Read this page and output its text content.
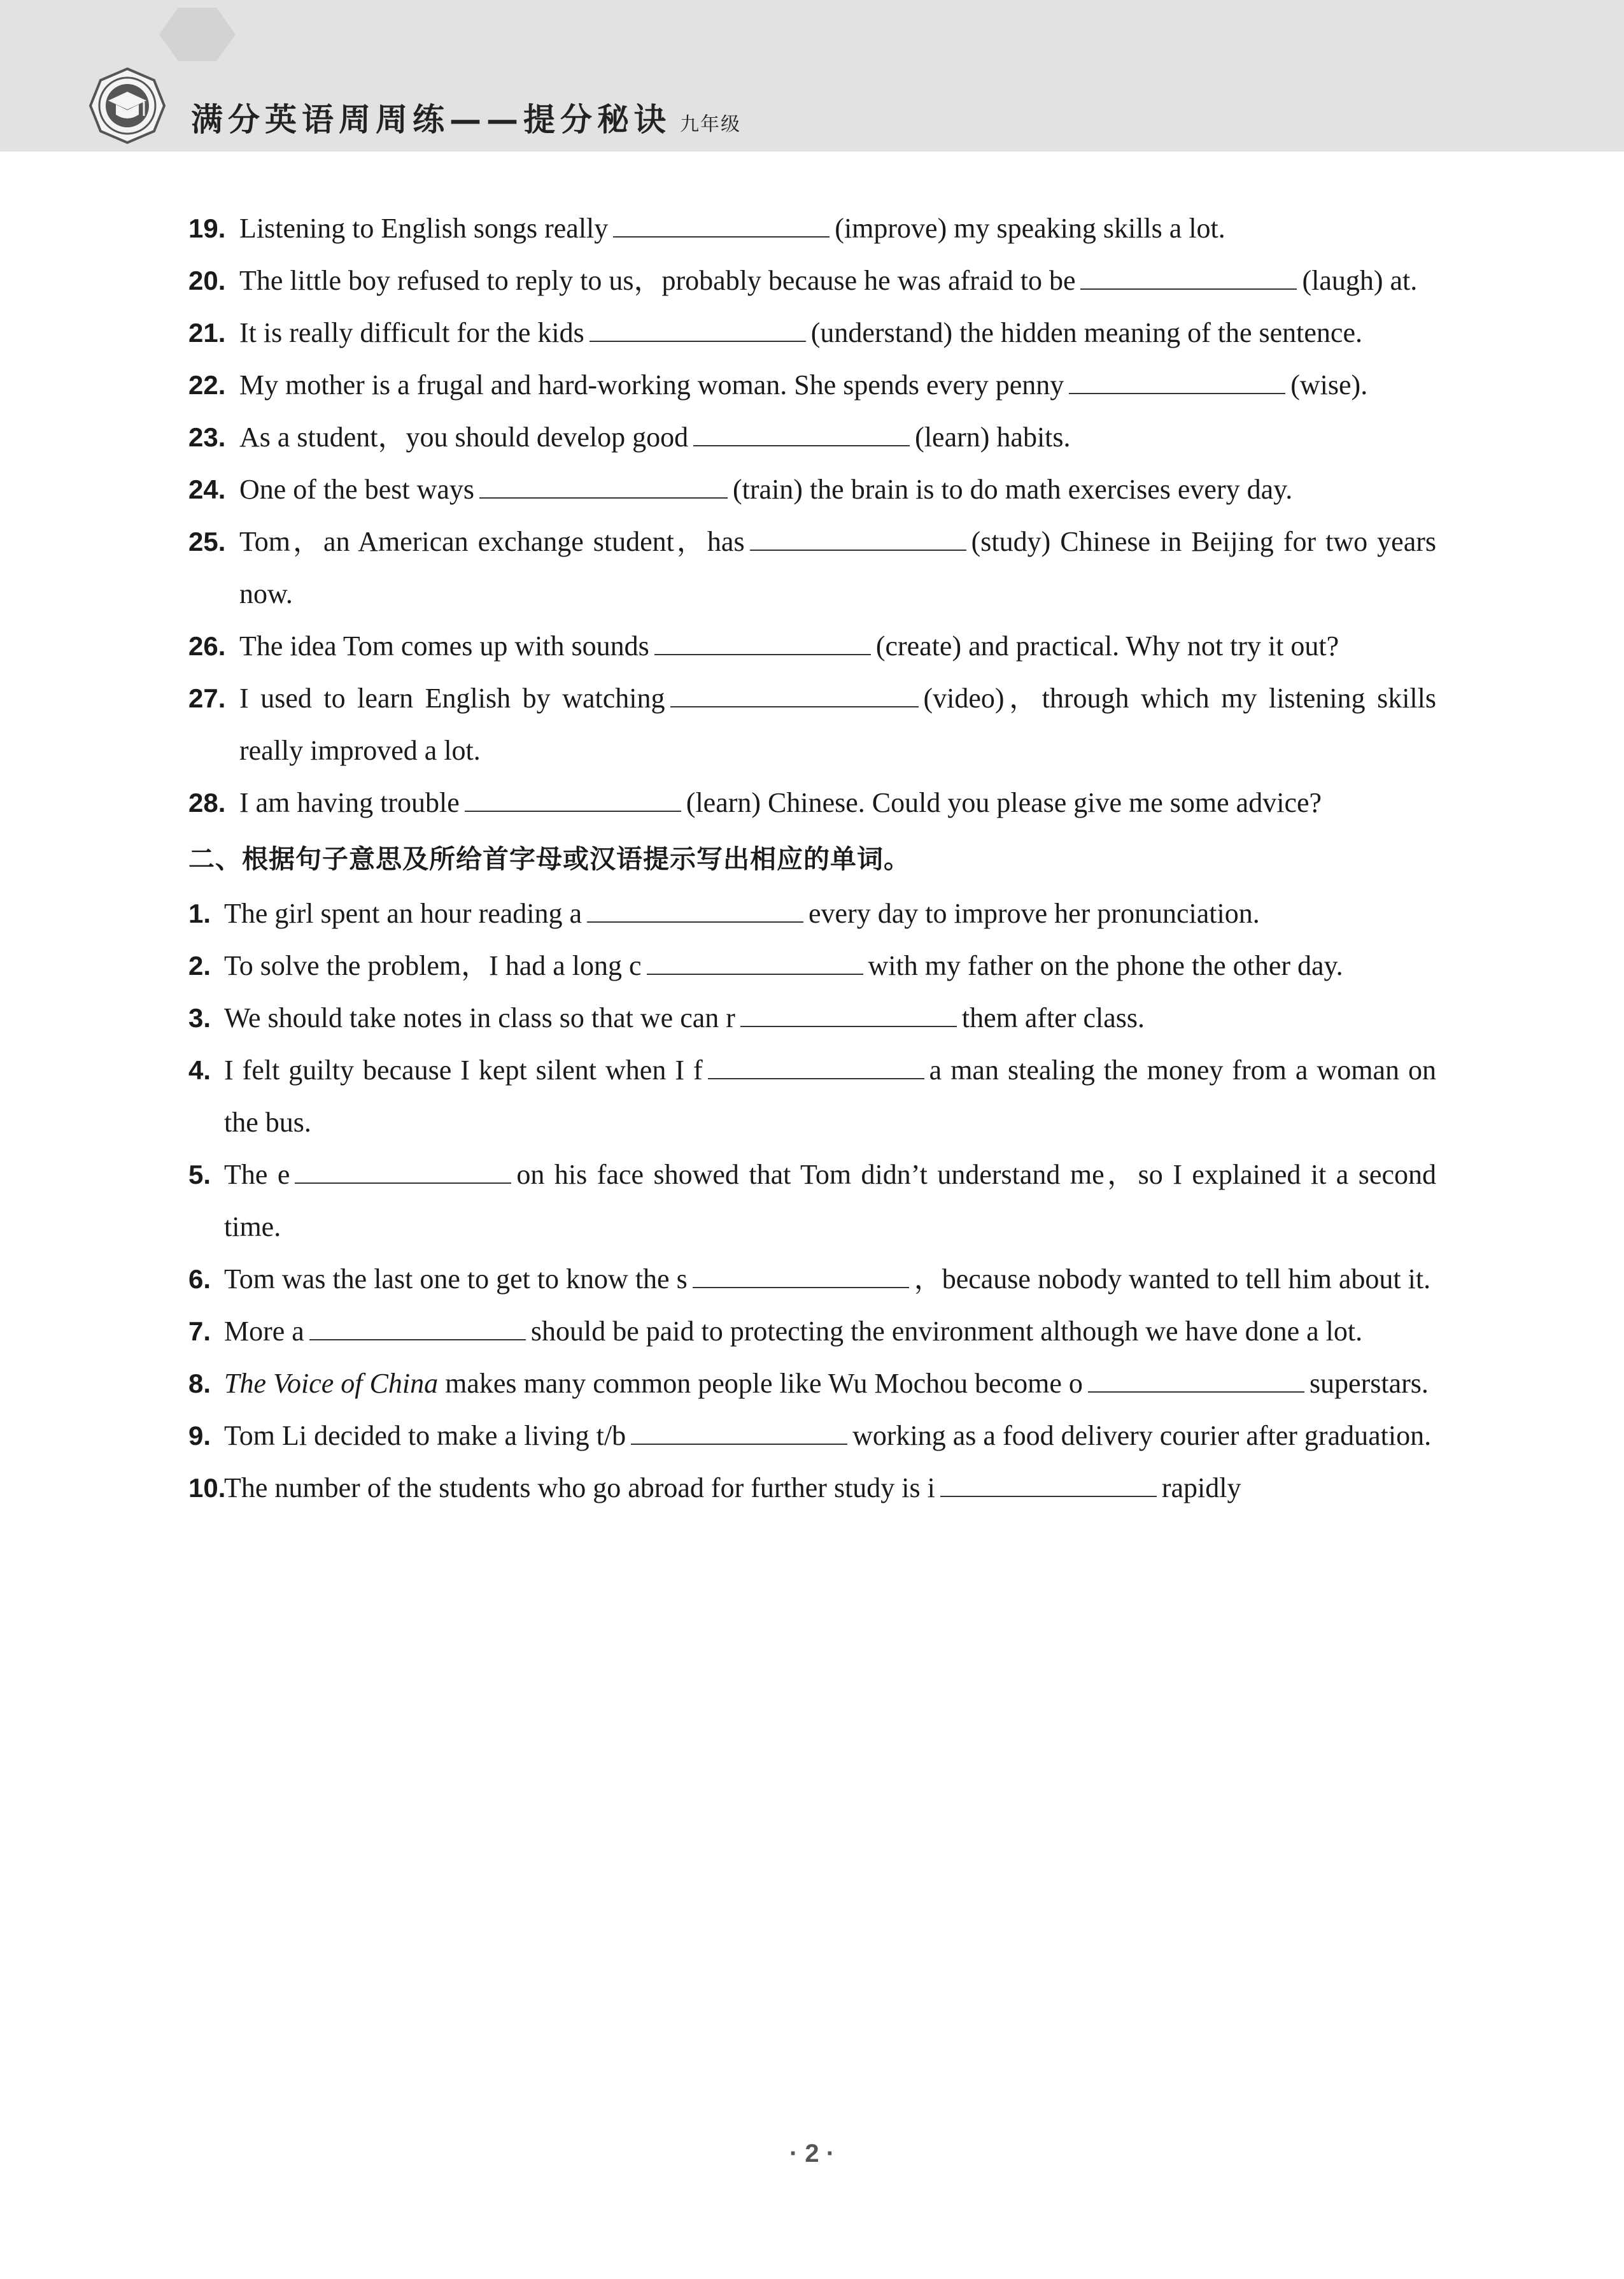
满分英语周周练——提分秘诀 九年级

19. Listening to English songs really	(improve) my speaking skills a lot.

20. The little boy refused to reply to us，probably because he was afraid to be	(laugh) at.

21. It is really difficult for the kids	(understand) the hidden meaning of the sentence.

22. My mother is a frugal and hard-working woman. She spends every penny	(wise).

23. As a student，you should develop good	(learn) habits.

24. One of the best ways	(train) the brain is to do math exercises every day.

25. Tom，an American exchange student，has	(study) Chinese in Beijing for two years now.

26. The idea Tom comes up with sounds	(create) and practical. Why not try it out?

27. I used to learn English by watching	(video)，through which my listening skills really improved a lot.

28. I am having trouble	(learn) Chinese. Could you please give me some advice?

二、根据句子意思及所给首字母或汉语提示写出相应的单词。

1. The girl spent an hour reading a	every day to improve her pronunciation.

2. To solve the problem，I had a long c	with my father on the phone the other day.

3. We should take notes in class so that we can r	them after class.

4. I felt guilty because I kept silent when I f	a man stealing the money from a woman on the bus.

5. The e	on his face showed that Tom didn’t understand me，so I explained it a second time.

6. Tom was the last one to get to know the s	，because nobody wanted to tell him about it.

7. More a	should be paid to protecting the environment although we have done a lot.

8. The Voice of China makes many common people like Wu Mochou become o	superstars.

9. Tom Li decided to make a living t/b	working as a food delivery courier after graduation.

10.
The number of the students who go abroad for further study is i	rapidly

· 2 ·
